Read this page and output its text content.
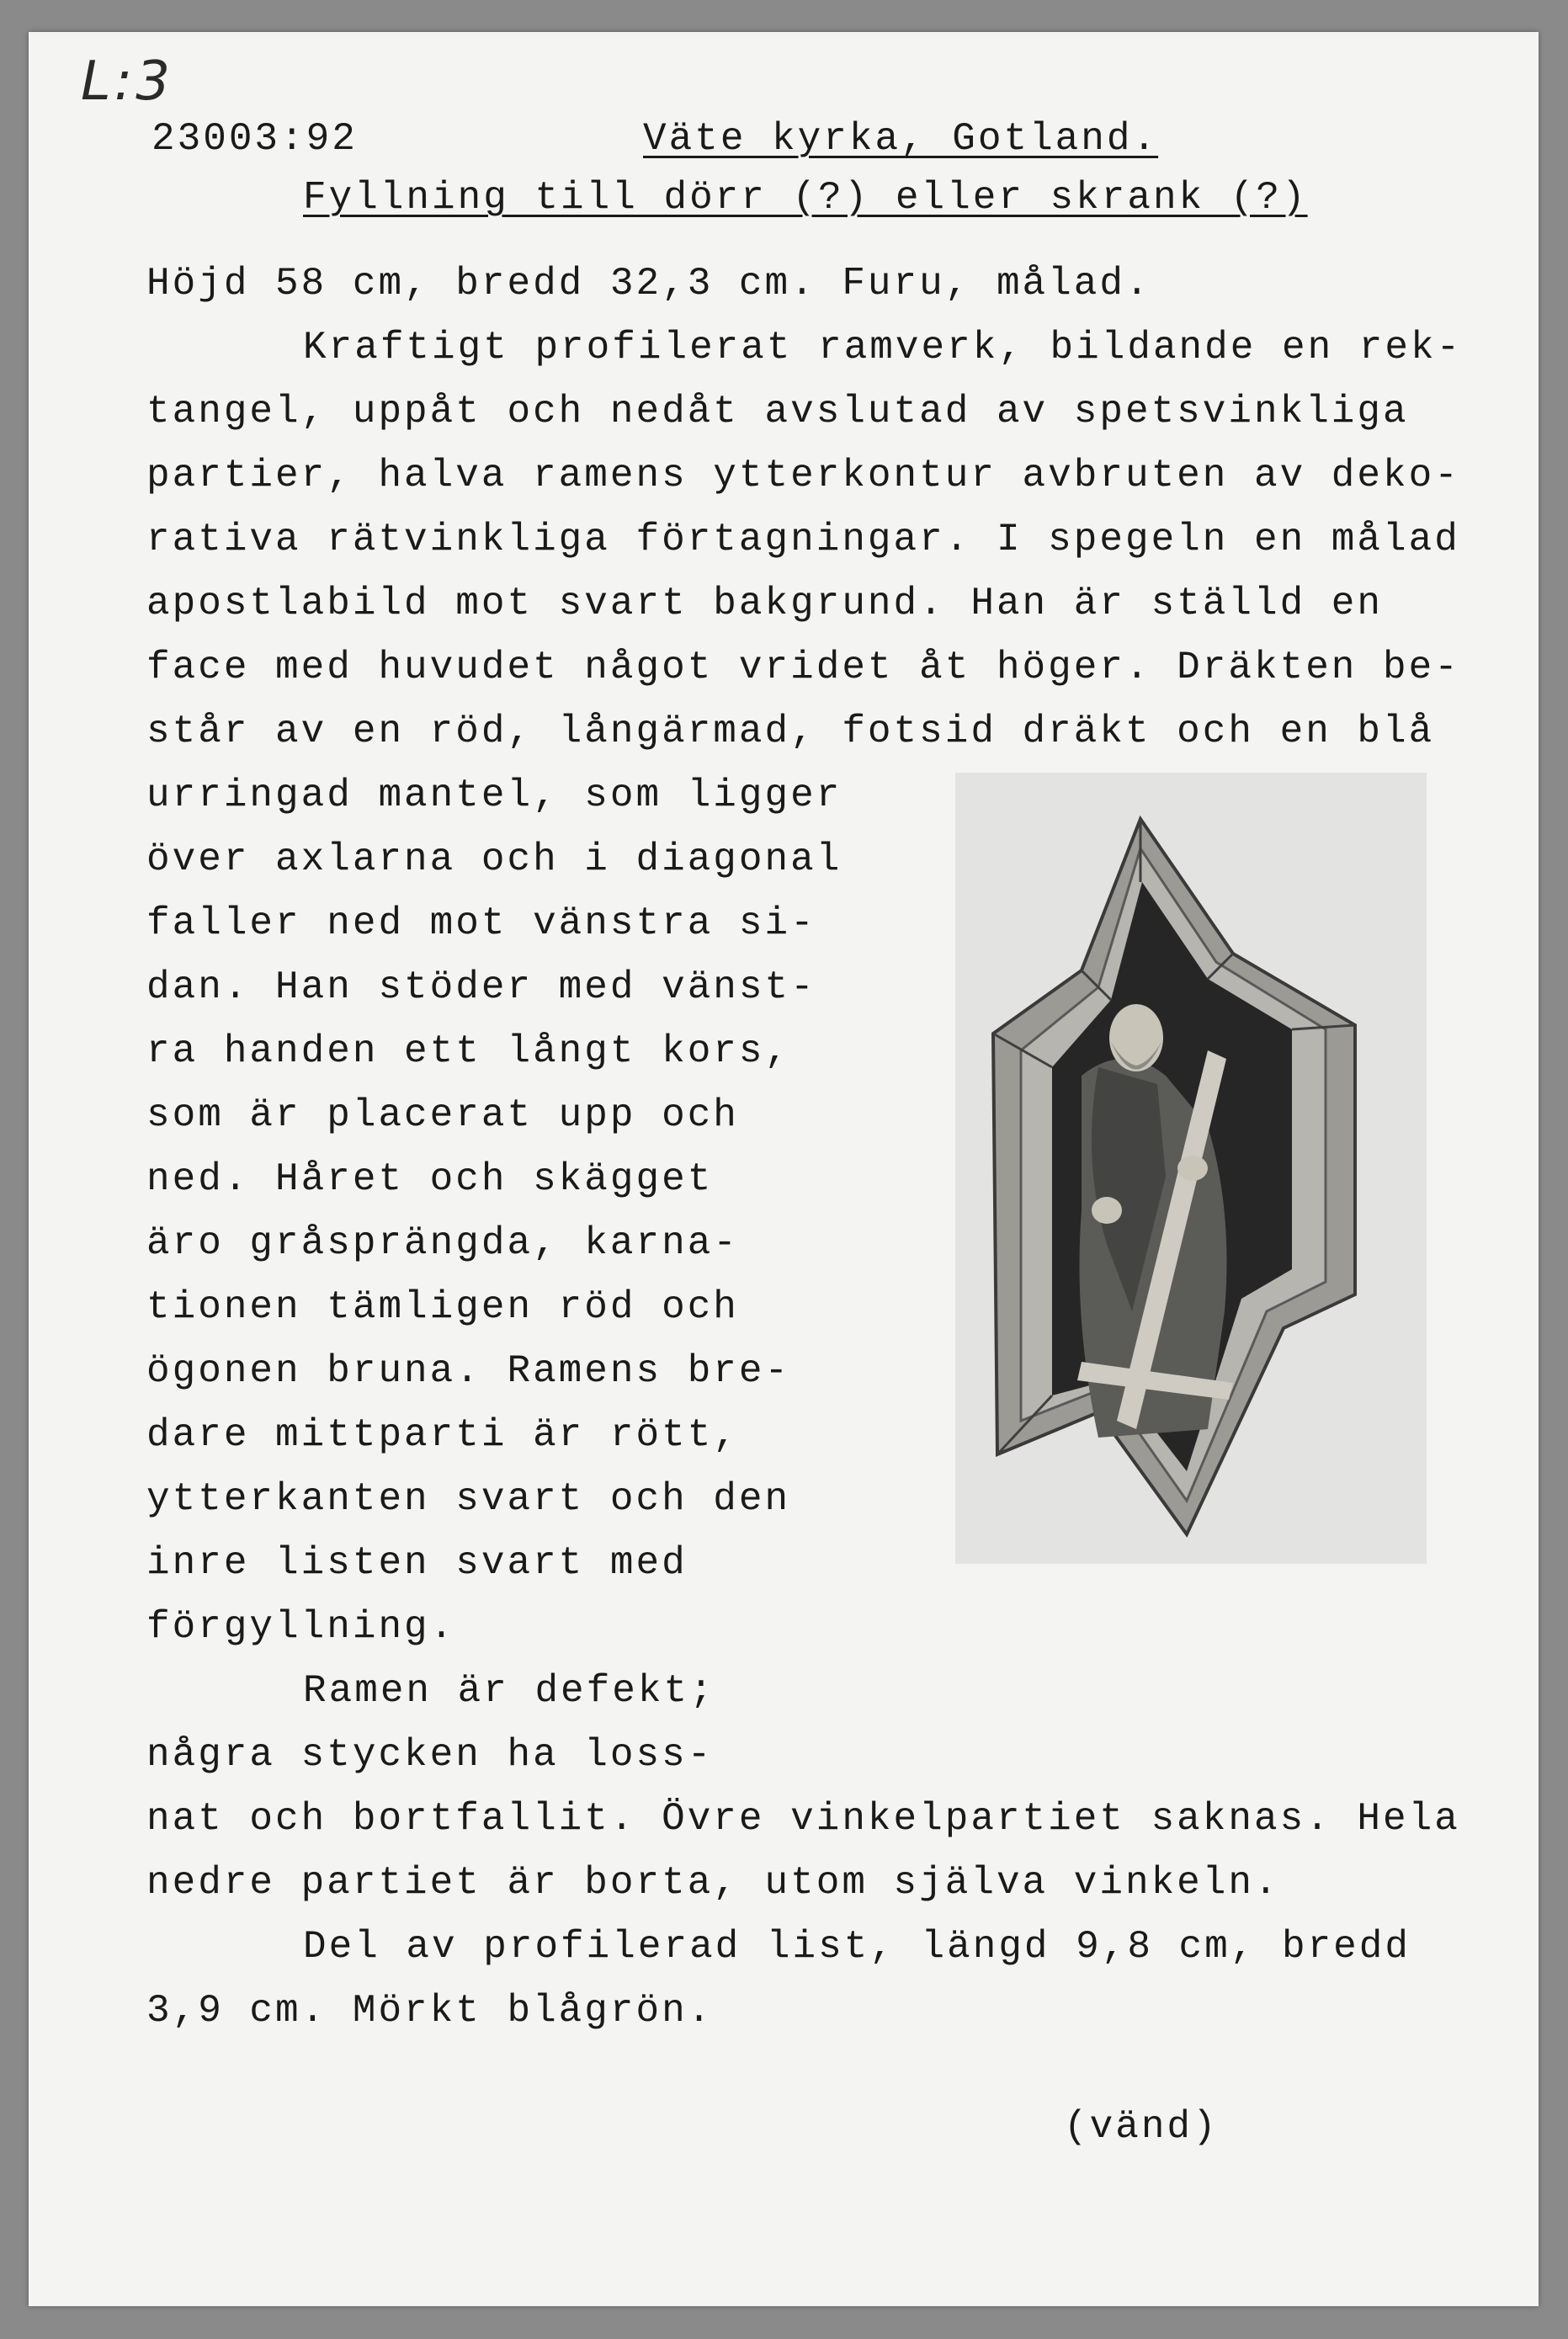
L:3
23003:92	Väte kyrka, Gotland.
Fyllning till dörr (?) eller skrank (?)
Höjd 58 cm, bredd 32,3 cm. Furu, målad.
Kraftigt profilerat ramverk, bildande en rek-
tangel, uppåt och nedåt avslutad av spetsvinkliga
partier, halva ramens ytterkontur avbruten av deko-
rativa rätvinkliga förtagningar. I spegeln en målad
apostlabild mot svart bakgrund. Han är ställd en
face med huvudet något vridet åt höger. Dräkten be-
står av en röd, långärmad, fotsid dräkt och en blå
urringad mantel, som ligger
över axlarna och i diagonal
faller ned mot vänstra si-
dan. Han stöder med vänst-
ra handen ett långt kors,
som är placerat upp och
ned. Håret och skägget
äro gråsprängda, karna-
tionen tämligen röd och
ögonen bruna. Ramens bre-
dare mittparti är rött,
ytterkanten svart och den
inre listen svart med
förgyllning.
Ramen är defekt;
några stycken ha loss-
nat och bortfallit. Övre vinkelpartiet saknas. Hela
nedre partiet är borta, utom själva vinkeln.
Del av profilerad list, längd 9,8 cm, bredd
3,9 cm. Mörkt blågrön.
(vänd)
